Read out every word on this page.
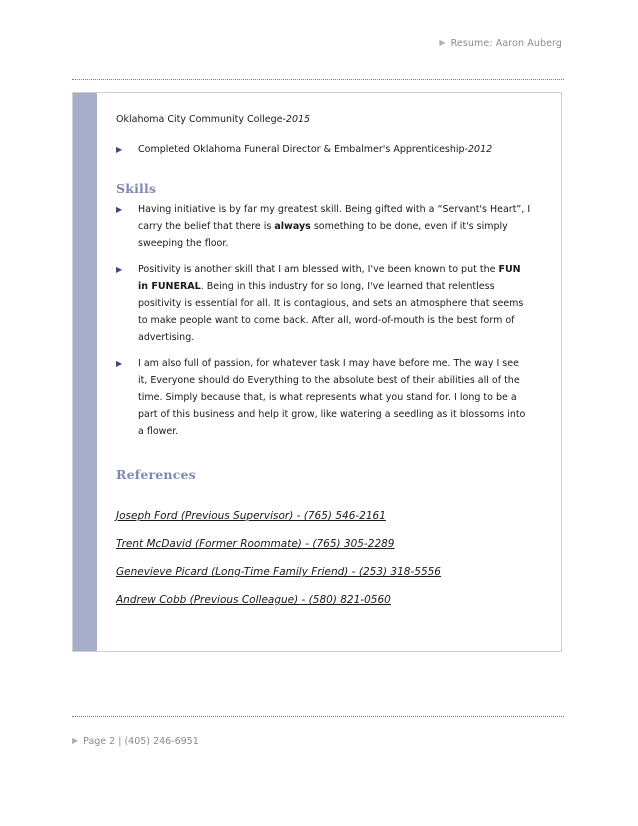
▶ Resume: Aaron Auberg

Oklahoma City Community College-2015

▶ Completed Oklahoma Funeral Director & Embalmer's Apprenticeship-2012

Skills

▶ Having initiative is by far my greatest skill. Being gifted with a “Servant's Heart”, I carry the belief that there is always something to be done, even if it's simply sweeping the floor.

▶ Positivity is another skill that I am blessed with, I've been known to put the FUN in FUNERAL. Being in this industry for so long, I've learned that relentless positivity is essential for all. It is contagious, and sets an atmosphere that seems to make people want to come back. After all, word-of-mouth is the best form of advertising.

▶ I am also full of passion, for whatever task I may have before me. The way I see it, Everyone should do Everything to the absolute best of their abilities all of the time. Simply because that, is what represents what you stand for. I long to be a part of this business and help it grow, like watering a seedling as it blossoms into a flower.

References

Joseph Ford (Previous Supervisor) - (765) 546-2161

Trent McDavid (Former Roommate) - (765) 305-2289

Genevieve Picard (Long-Time Family Friend) - (253) 318-5556

Andrew Cobb (Previous Colleague) - (580) 821-0560

▶ Page 2 | (405) 246-6951
